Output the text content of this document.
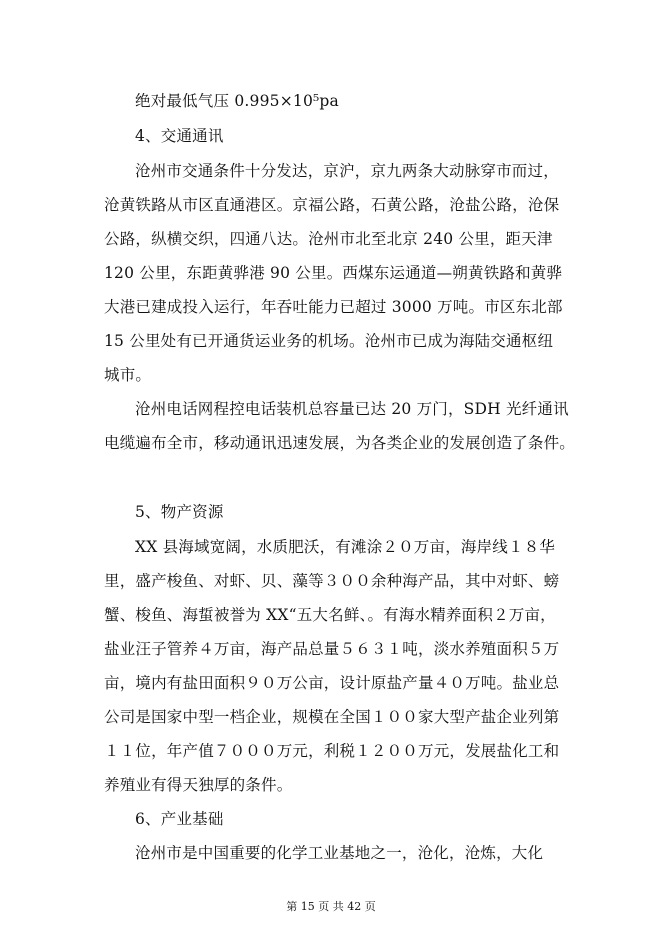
绝对最低气压 0.995×10⁵pa
4、交通通讯
沧州市交通条件十分发达，京沪，京九两条大动脉穿市而过，
沧黄铁路从市区直通港区。京福公路，石黄公路，沧盐公路，沧保
公路，纵横交织，四通八达。沧州市北至北京 240 公里，距天津
120 公里，东距黄骅港 90 公里。西煤东运通道—朔黄铁路和黄骅
大港已建成投入运行，年吞吐能力已超过 3000 万吨。市区东北部
15 公里处有已开通货运业务的机场。沧州市已成为海陆交通枢纽
城市。
沧州电话网程控电话装机总容量已达 20 万门，SDH 光纤通讯
电缆遍布全市，移动通讯迅速发展，为各类企业的发展创造了条件。
5、物产资源
XX 县海域宽阔，水质肥沃，有滩涂２０万亩，海岸线１８华
里，盛产梭鱼、对虾、贝、藻等３００余种海产品，其中对虾、螃
蟹、梭鱼、海蜇被誉为 XX“五大名鲜、。有海水精养面积２万亩，
盐业汪子管养４万亩，海产品总量５６３１吨，淡水养殖面积５万
亩，境内有盐田面积９０万公亩，设计原盐产量４０万吨。盐业总
公司是国家中型一档企业，规模在全国１００家大型产盐企业列第
１１位，年产值７０００万元，利税１２００万元，发展盐化工和
养殖业有得天独厚的条件。
6、产业基础
沧州市是中国重要的化学工业基地之一，沧化，沧炼，大化
第 15 页 共 42 页
